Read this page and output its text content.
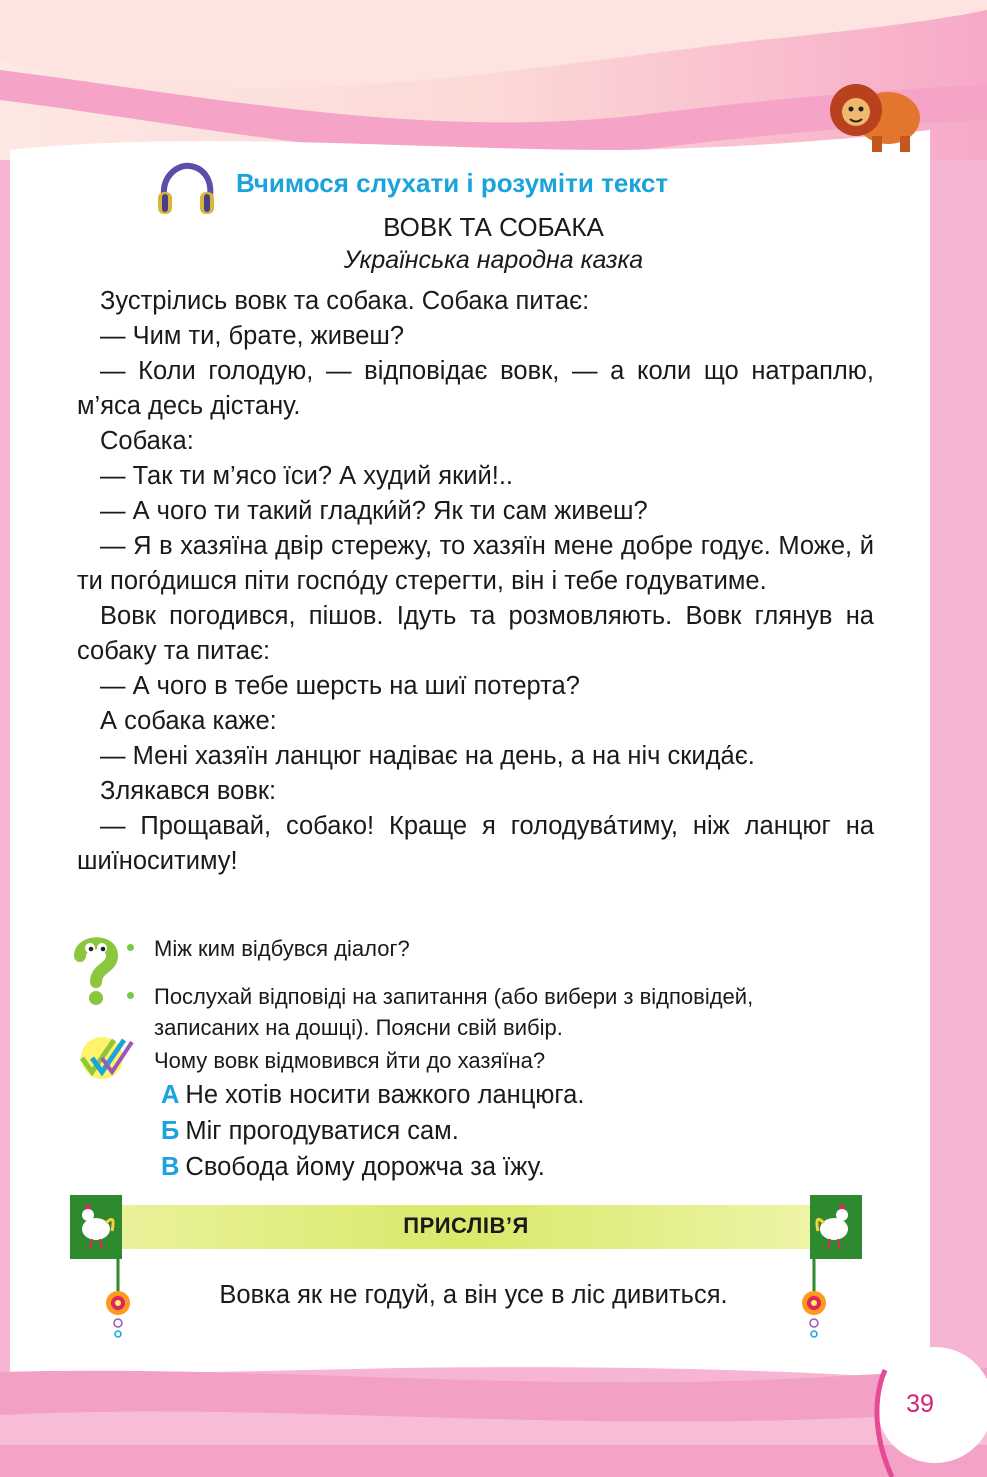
Вчимося слухати і розуміти текст
ВОВК ТА СОБАКА
Українська народна казка

Зустрілись вовк та собака. Собака питає:

— Чим ти, брате, живеш?

— Коли голодую, — відповідає вовк, — а коли що натраплю, м’яса десь дістану.

Собака:

— Так ти м’ясо їси? А худий який!..

— А чого ти такий гладки́й? Як ти сам живеш?

— Я в хазяїна двір стережу, то хазяїн мене добре годує. Може, й ти пого́дишся піти госпо́ду стерегти, він і тебе годуватиме.

Вовк погодився, пішов. Ідуть та розмовляють. Вовк глянув на собаку та питає:

— А чого в тебе шерсть на шиї потерта?

А собака каже:

— Мені хазяїн ланцюг надіває на день, а на ніч скида́є.

Злякався вовк:

— Прощавай, собако! Краще я голодува́тиму, ніж ланцюг на шиїноситиму!

Між ким відбувся діалог?
Послухай відповіді на запитання (або вибери з відповідей,
записаних на дошці). Поясни свій вибір.
Чому вовк відмовився йти до хазяїна?
А Не хотів носити важкого ланцюга.
Б Міг прогодуватися сам.
В Свобода йому дорожча за їжу.
ПРИСЛІВ’Я
Вовка як не годуй, а він усе в ліс дивиться.
39
